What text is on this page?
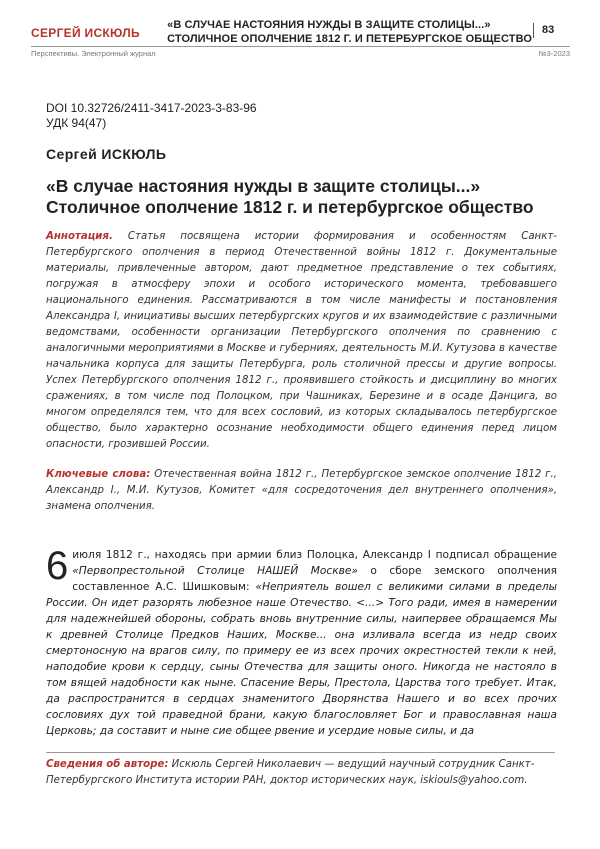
СЕРГЕЙ ИСКЮЛЬ
«В СЛУЧАЕ НАСТОЯНИЯ НУЖДЫ В ЗАЩИТЕ СТОЛИЦЫ...»
СТОЛИЧНОЕ ОПОЛЧЕНИЕ 1812 Г. И ПЕТЕРБУРГСКОЕ ОБЩЕСТВО
83
Перспективы. Электронный журнал	№3-2023
DOI 10.32726/2411-3417-2023-3-83-96
УДК 94(47)
Сергей ИСКЮЛЬ
«В случае настояния нужды в защите столицы...»
Столичное ополчение 1812 г. и петербургское общество

Аннотация. Статья посвящена истории формирования и особенностям Санкт-Петербургского ополчения в период Отечественной войны 1812 г. Документальные материалы, привлеченные автором, дают предметное представление о тех событиях, погружая в атмосферу эпохи и особого исторического момента, требовавшего национального единения. Рассматриваются в том числе манифесты и постановления Александра I, инициативы высших петербургских кругов и их взаимодействие с различными ведомствами, особенности организации Петербургского ополчения по сравнению с аналогичными мероприятиями в Москве и губерниях, деятельность М.И. Кутузова в качестве начальника корпуса для защиты Петербурга, роль столичной прессы и другие вопросы. Успех Петербургского ополчения 1812 г., проявившего стойкость и дисциплину во многих сражениях, в том числе под Полоцком, при Чашниках, Березине и в осаде Данцига, во многом определялся тем, что для всех сословий, из которых складывалось петербургское общество, было характерно осознание необходимости общего единения перед лицом опасности, грозившей России.

Ключевые слова: Отечественная война 1812 г., Петербургское земское ополчение 1812 г., Александр I., М.И. Кутузов, Комитет «для сосредоточения дел внутреннего ополчения», знамена ополчения.

6 июля 1812 г., находясь при армии близ Полоцка, Александр I подписал обращение «Первопрестольной Столице НАШЕЙ Москве» о сборе земского ополчения составленное А.С. Шишковым: «Неприятель вошел с великими силами в пределы России. Он идет разорять любезное наше Отечество. <...> Того ради, имея в намерении для надежнейшей обороны, собрать вновь внутренние силы, наипервее обращаемся Мы к древней Столице Предков Наших, Москве... она изливала всегда из недр своих смертоносную на врагов силу, по примеру ее из всех прочих окрестностей текли к ней, наподобие крови к сердцу, сыны Отечества для защиты оного. Никогда не настояло в том вящей надобности как ныне. Спасение Веры, Престола, Царства того требует. Итак, да распространится в сердцах знаменитого Дворянства Нашего и во всех прочих сословиях дух той праведной брани, какую благословляет Бог и православная наша Церковь; да составит и ныне сие общее рвение и усердие новые силы, и да

Сведения об авторе: Искюль Сергей Николаевич — ведущий научный сотрудник Санкт-Петербургского Института истории РАН, доктор исторических наук, iskiouls@yahoo.com.
